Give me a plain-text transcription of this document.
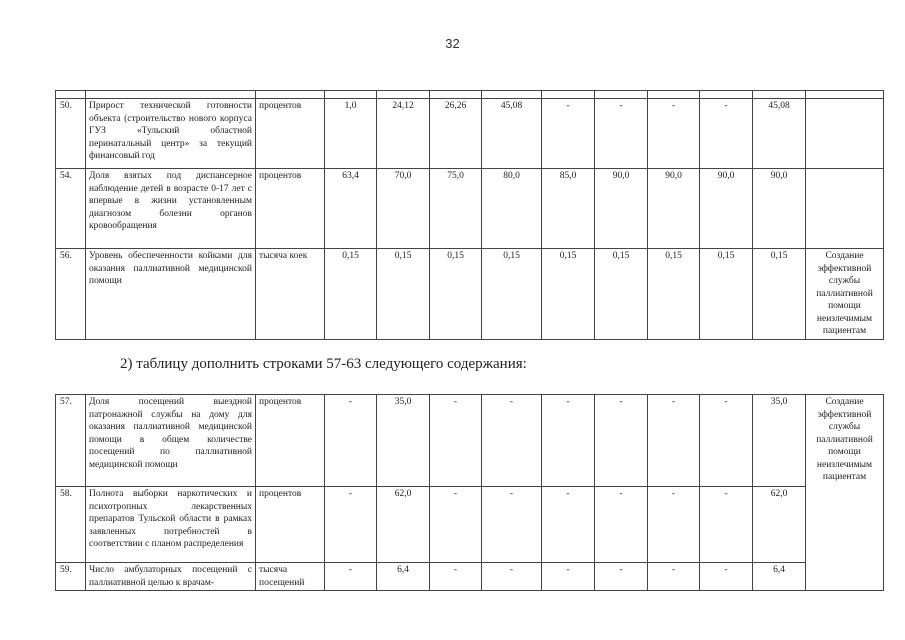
32

50.	Прирост технической готовности объекта (строительство нового корпуса ГУЗ «Тульский областной перинатальный центр» за текущий финансовый год	процентов	1,0	24,12	26,26	45,08	-	-	-	-	45,08	
54.	Доля взятых под диспансерное наблюдение детей в возрасте 0-17 лет с впервые в жизни установленным диагнозом болезни органов кровообращения	процентов	63,4	70,0	75,0	80,0	85,0	90,0	90,0	90,0	90,0	
56.	Уровень обеспеченности койками для оказания паллиативной медицинской помощи	тысяча коек	0,15	0,15	0,15	0,15	0,15	0,15	0,15	0,15	0,15	Создание эффективной службы паллиативной помощи неизлечимым пациентам
2) таблицу дополнить строками 57-63 следующего содержания:
57.	Доля посещений выездной патронажной службы на дому для оказания паллиативной медицинской помощи в общем количестве посещений по паллиативной медицинской помощи	процентов	-	35,0	-	-	-	-	-	-	35,0	Создание эффективной службы паллиативной помощи неизлечимым пациентам
58.	Полнота выборки наркотических и психотропных лекарственных препаратов Тульской области в рамках заявленных потребностей в соответствии с планом распределения	процентов	-	62,0	-	-	-	-	-	-	62,0	
59.	Число амбулаторных посещений с паллиативной целью к врачам-	тысяча посещений	-	6,4	-	-	-	-	-	-	6,4	
